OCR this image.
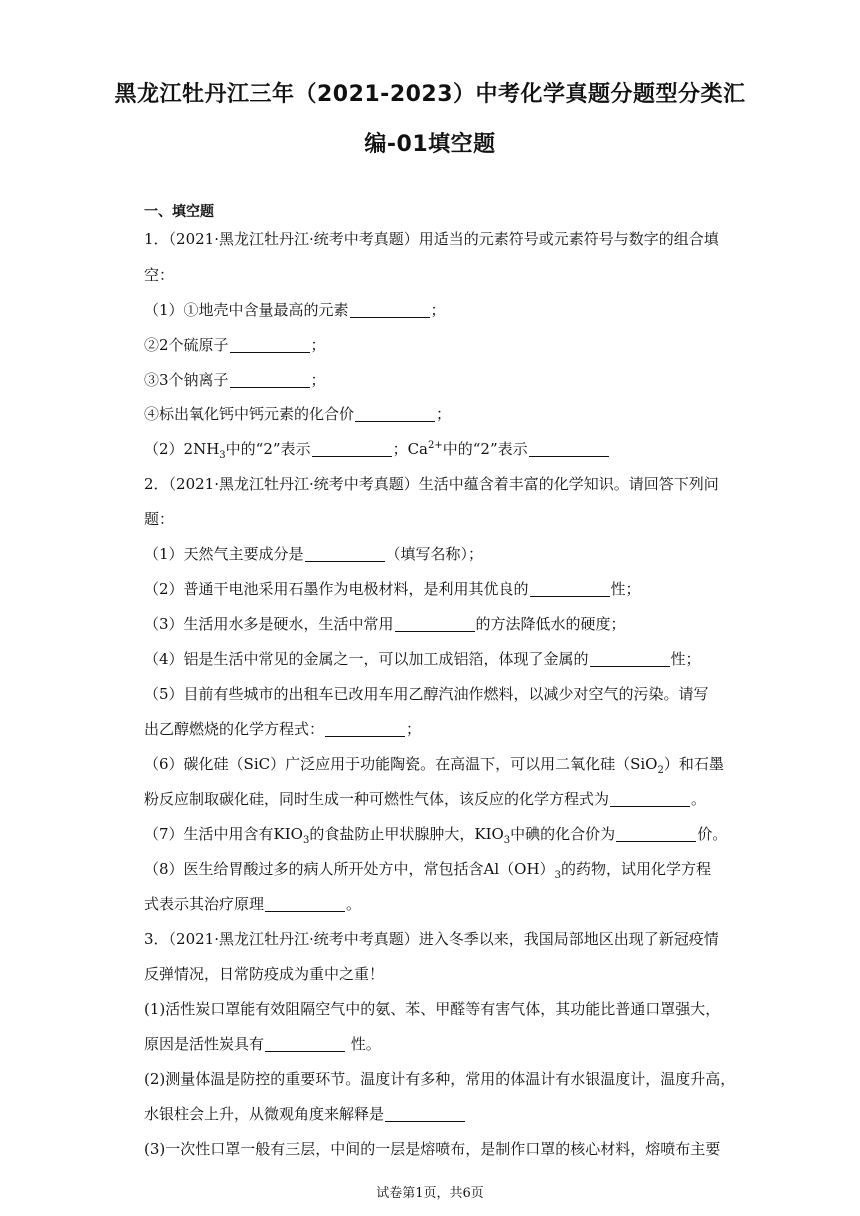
黑龙江牡丹江三年（2021-2023）中考化学真题分题型分类汇
编-01填空题
一、填空题
1．（2021·黑龙江牡丹江·统考中考真题）用适当的元素符号或元素符号与数字的组合填
空：
（1）①地壳中含量最高的元素	；
②2个硫原子	；
③3个钠离子	；
④标出氧化钙中钙元素的化合价	；
$(2)2NH_3$中的“2”表示	；$Ca^{2+}$中的“2”表示
2．（2021·黑龙江牡丹江·统考中考真题）生活中蕴含着丰富的化学知识。请回答下列问
题：
（1）天然气主要成分是	（填写名称）；
（2）普通干电池采用石墨作为电极材料，是利用其优良的	性；
（3）生活用水多是硬水，生活中常用	的方法降低水的硬度；
（4）铝是生活中常见的金属之一，可以加工成铝箔，体现了金属的	性；
（5）目前有些城市的出租车已改用车用乙醇汽油作燃料，以减少对空气的污染。请写
出乙醇燃烧的化学方程式：	；
（6）碳化硅（SiC）广泛应用于功能陶瓷。在高温下，可以用二氧化硅（SiO$_2$）和石墨
粉反应制取碳化硅，同时生成一种可燃性气体，该反应的化学方程式为	。
（7）生活中用含有$KIO_3$的食盐防止甲状腺肿大，$KIO_3$中碘的化合价为	价。
（8）医生给胃酸过多的病人所开处方中，常包括含$Al(OH)_3$的药物，试用化学方程
式表示其治疗原理	。
3．（2021·黑龙江牡丹江·统考中考真题）进入冬季以来，我国局部地区出现了新冠疫情
反弹情况，日常防疫成为重中之重！
(1)活性炭口罩能有效阻隔空气中的氨、苯、甲醛等有害气体，其功能比普通口罩强大，
原因是活性炭具有	性。
(2)测量体温是防控的重要环节。温度计有多种，常用的体温计有水银温度计，温度升高，
水银柱会上升，从微观角度来解释是
(3)一次性口罩一般有三层，中间的一层是熔喷布，是制作口罩的核心材料，熔喷布主要
试卷第1页，共6页
